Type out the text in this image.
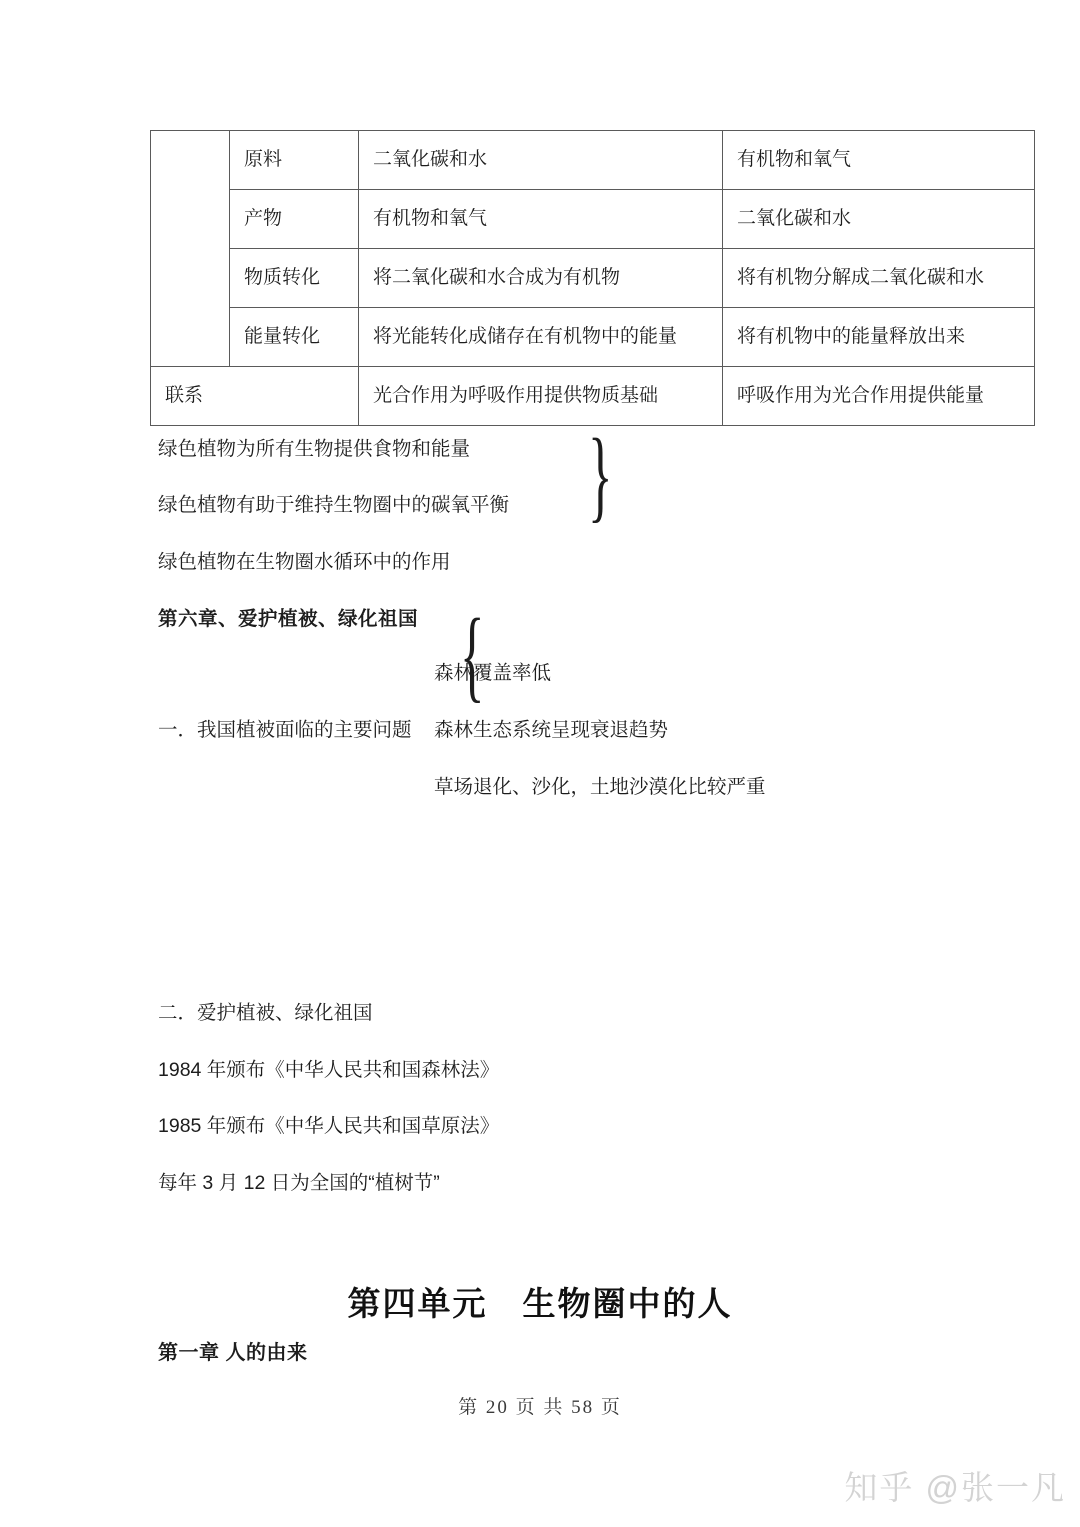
	原料	二氧化碳和水	有机物和氧气
	产物	有机物和氧气	二氧化碳和水
	物质转化	将二氧化碳和水合成为有机物	将有机物分解成二氧化碳和水
	能量转化	将光能转化成储存在有机物中的能量	将有机物中的能量释放出来
联系		光合作用为呼吸作用提供物质基础	呼吸作用为光合作用提供能量
绿色植物为所有生物提供食物和能量
绿色植物有助于维持生物圈中的碳氧平衡
绿色植物在生物圈水循环中的作用
}
第六章、爱护植被、绿化祖国 {
森林覆盖率低
一．我国植被面临的主要问题 森林生态系统呈现衰退趋势
草场退化、沙化，土地沙漠化比较严重
二．爱护植被、绿化祖国
1984 年颁布《中华人民共和国森林法》
1985 年颁布《中华人民共和国草原法》
每年 3 月 12 日为全国的“植树节”
第四单元　生物圈中的人
第一章 人的由来
第 20 页 共 58 页
知乎 @张一凡
